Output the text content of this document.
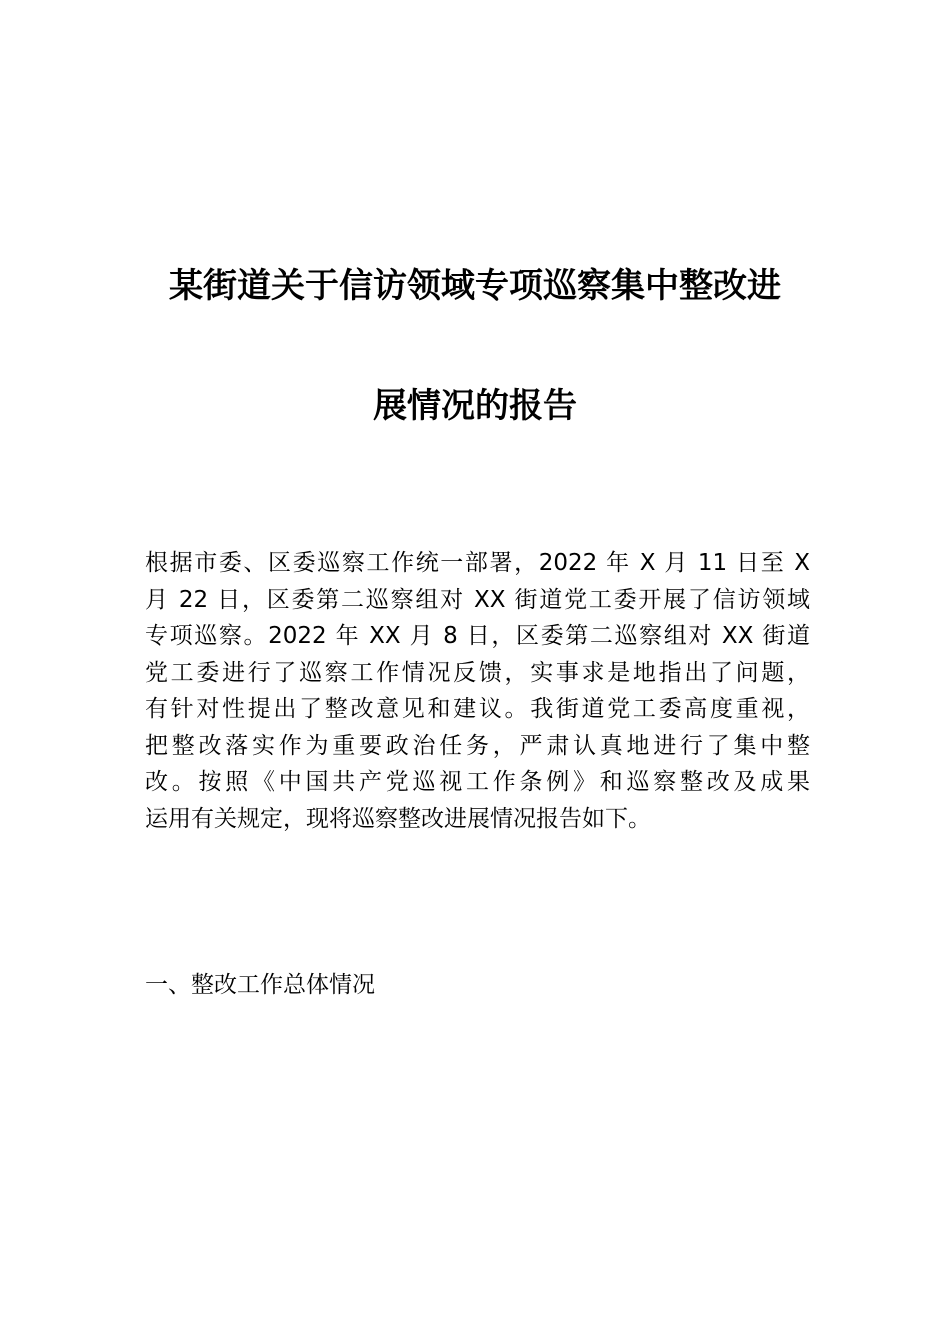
某街道关于信访领域专项巡察集中整改进
展情况的报告
根据市委、区委巡察工作统一部署，2022 年 X 月 11 日至 X
月 22 日，区委第二巡察组对 XX 街道党工委开展了信访领域
专项巡察。2022 年 XX 月 8 日，区委第二巡察组对 XX 街道
党工委进行了巡察工作情况反馈，实事求是地指出了问题，
有针对性提出了整改意见和建议。我街道党工委高度重视，
把整改落实作为重要政治任务，严肃认真地进行了集中整
改。按照《中国共产党巡视工作条例》和巡察整改及成果
运用有关规定，现将巡察整改进展情况报告如下。
一、整改工作总体情况
